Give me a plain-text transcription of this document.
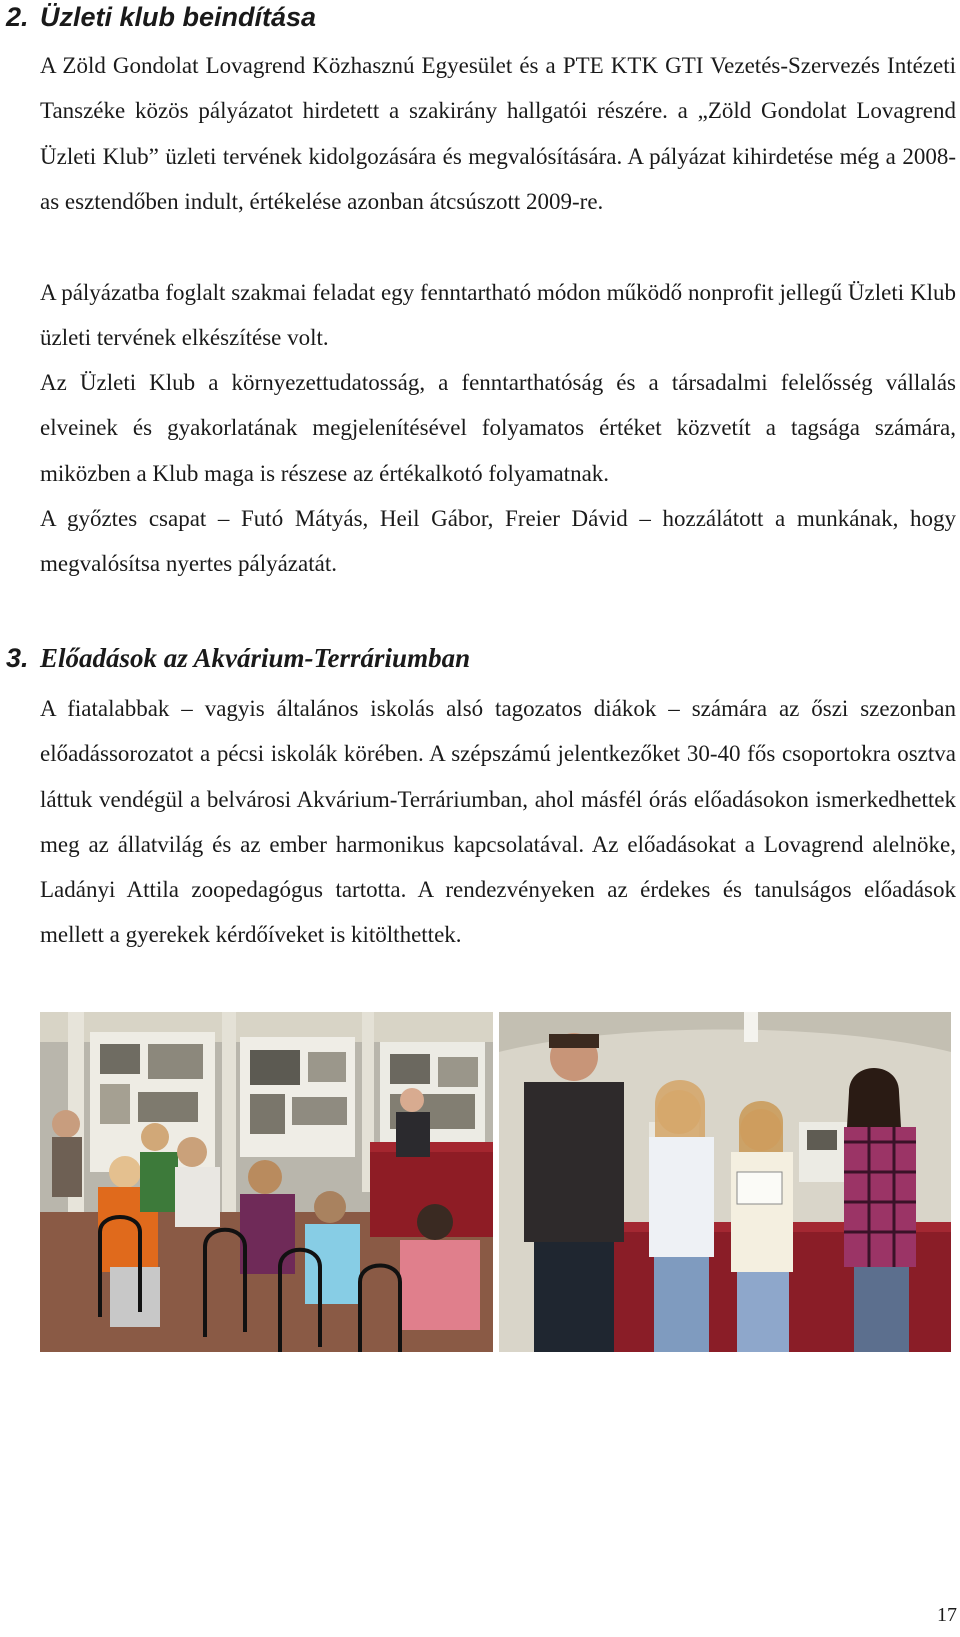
2. Üzleti klub beindítása

A Zöld Gondolat Lovagrend Közhasznú Egyesület és a PTE KTK GTI Vezetés-Szervezés Intézeti Tanszéke közös pályázatot hirdetett a szakirány hallgatói részére. a „Zöld Gondolat Lovagrend Üzleti Klub” üzleti tervének kidolgozására és megvalósítására. A pályázat kihirdetése még a 2008-as esztendőben indult, értékelése azonban átcsúszott 2009-re.

A pályázatba foglalt szakmai feladat egy fenntartható módon működő nonprofit jellegű Üzleti Klub üzleti tervének elkészítése volt.

Az Üzleti Klub a környezettudatosság, a fenntarthatóság és a társadalmi felelősség vállalás elveinek és gyakorlatának megjelenítésével folyamatos értéket közvetít a tagsága számára, miközben a Klub maga is részese az értékalkotó folyamatnak.

A győztes csapat – Futó Mátyás, Heil Gábor, Freier Dávid – hozzálátott a munkának, hogy megvalósítsa nyertes pályázatát.

3. Előadások az Akvárium-Terráriumban

A fiatalabbak – vagyis általános iskolás alsó tagozatos diákok – számára az őszi szezonban előadássorozatot a pécsi iskolák körében. A szépszámú jelentkezőket 30-40 fős csoportokra osztva láttuk vendégül a belvárosi Akvárium-Terráriumban, ahol másfél órás előadásokon ismerkedhettek meg az állatvilág és az ember harmonikus kapcsolatával. Az előadásokat a Lovagrend alelnöke, Ladányi Attila zoopedagógus tartotta. A rendezvényeken az érdekes és tanulságos előadások mellett a gyerekek kérdőíveket is kitölthettek.

17
